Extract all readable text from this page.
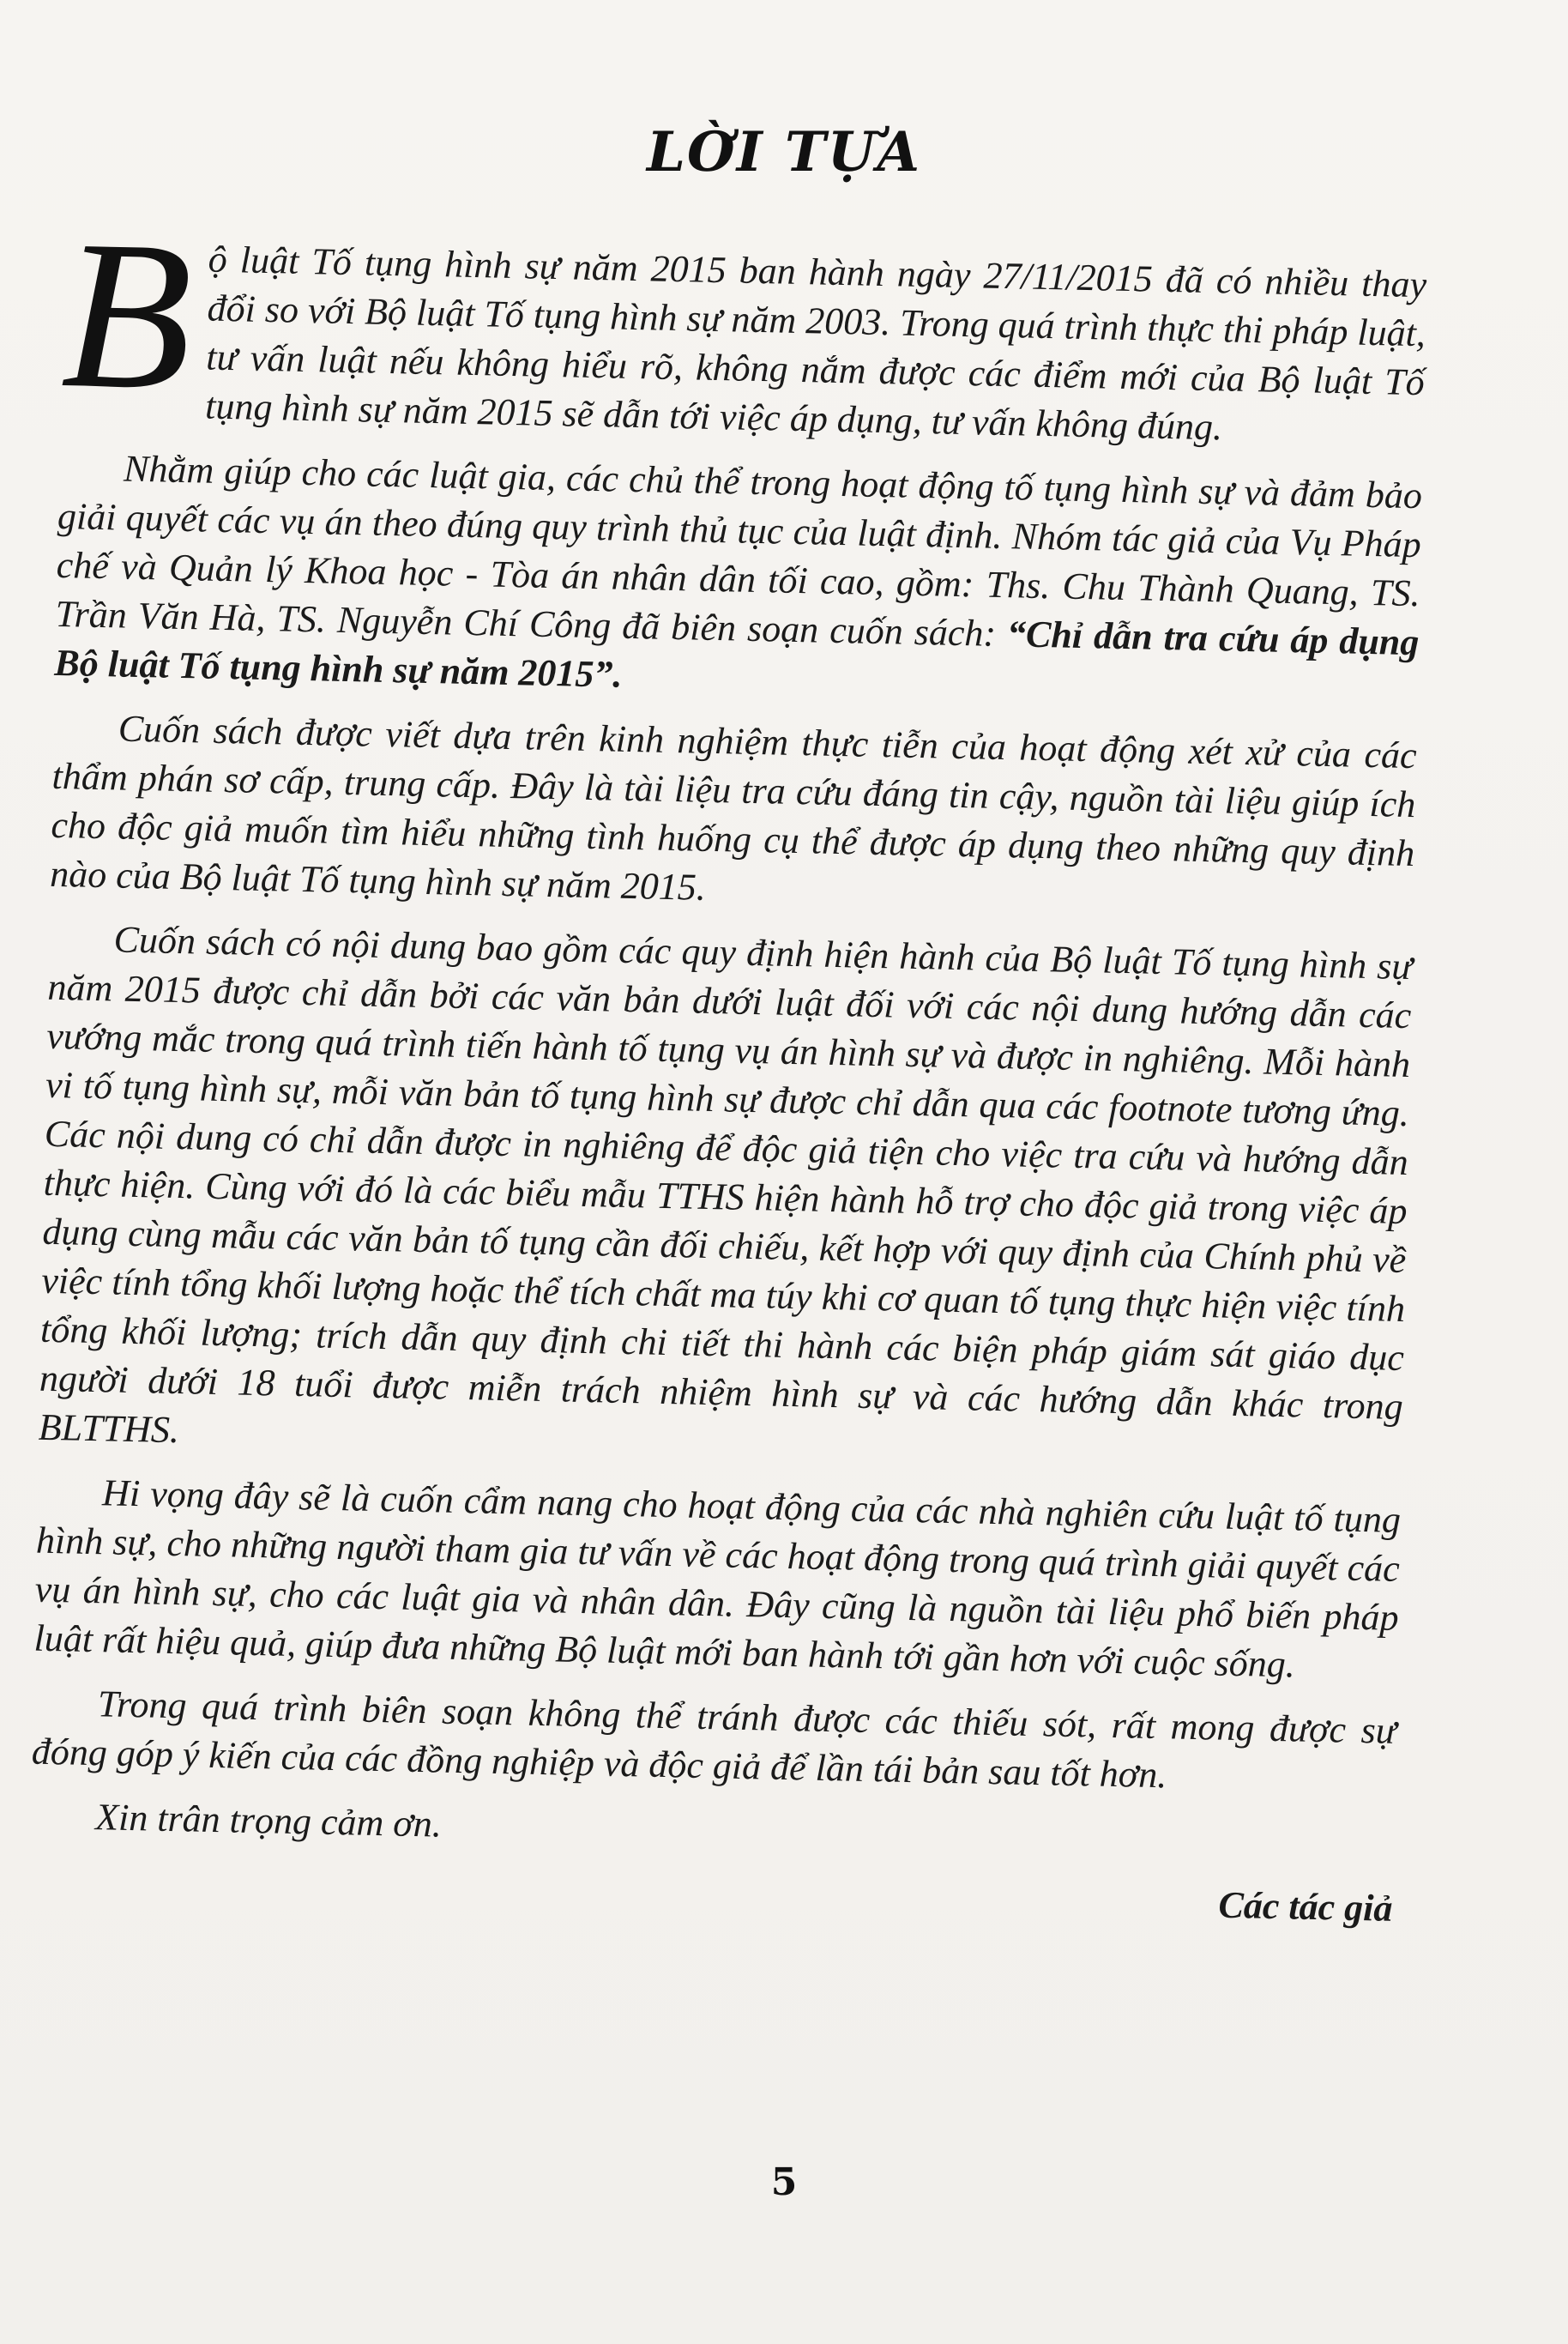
LỜI TỰA

Bộ luật Tố tụng hình sự năm 2015 ban hành ngày 27/11/2015 đã có nhiều thay đổi so với Bộ luật Tố tụng hình sự năm 2003. Trong quá trình thực thi pháp luật, tư vấn luật nếu không hiểu rõ, không nắm được các điểm mới của Bộ luật Tố tụng hình sự năm 2015 sẽ dẫn tới việc áp dụng, tư vấn không đúng.

Nhằm giúp cho các luật gia, các chủ thể trong hoạt động tố tụng hình sự và đảm bảo giải quyết các vụ án theo đúng quy trình thủ tục của luật định. Nhóm tác giả của Vụ Pháp chế và Quản lý Khoa học - Tòa án nhân dân tối cao, gồm: Ths. Chu Thành Quang, TS. Trần Văn Hà, TS. Nguyễn Chí Công đã biên soạn cuốn sách: “Chỉ dẫn tra cứu áp dụng Bộ luật Tố tụng hình sự năm 2015”.

Cuốn sách được viết dựa trên kinh nghiệm thực tiễn của hoạt động xét xử của các thẩm phán sơ cấp, trung cấp. Đây là tài liệu tra cứu đáng tin cậy, nguồn tài liệu giúp ích cho độc giả muốn tìm hiểu những tình huống cụ thể được áp dụng theo những quy định nào của Bộ luật Tố tụng hình sự năm 2015.

Cuốn sách có nội dung bao gồm các quy định hiện hành của Bộ luật Tố tụng hình sự năm 2015 được chỉ dẫn bởi các văn bản dưới luật đối với các nội dung hướng dẫn các vướng mắc trong quá trình tiến hành tố tụng vụ án hình sự và được in nghiêng. Mỗi hành vi tố tụng hình sự, mỗi văn bản tố tụng hình sự được chỉ dẫn qua các footnote tương ứng. Các nội dung có chỉ dẫn được in nghiêng để độc giả tiện cho việc tra cứu và hướng dẫn thực hiện. Cùng với đó là các biểu mẫu TTHS hiện hành hỗ trợ cho độc giả trong việc áp dụng cùng mẫu các văn bản tố tụng cần đối chiếu, kết hợp với quy định của Chính phủ về việc tính tổng khối lượng hoặc thể tích chất ma túy khi cơ quan tố tụng thực hiện việc tính tổng khối lượng; trích dẫn quy định chi tiết thi hành các biện pháp giám sát giáo dục người dưới 18 tuổi được miễn trách nhiệm hình sự và các hướng dẫn khác trong BLTTHS.

Hi vọng đây sẽ là cuốn cẩm nang cho hoạt động của các nhà nghiên cứu luật tố tụng hình sự, cho những người tham gia tư vấn về các hoạt động trong quá trình giải quyết các vụ án hình sự, cho các luật gia và nhân dân. Đây cũng là nguồn tài liệu phổ biến pháp luật rất hiệu quả, giúp đưa những Bộ luật mới ban hành tới gần hơn với cuộc sống.

Trong quá trình biên soạn không thể tránh được các thiếu sót, rất mong được sự đóng góp ý kiến của các đồng nghiệp và độc giả để lần tái bản sau tốt hơn.

Xin trân trọng cảm ơn.

Các tác giả
5
